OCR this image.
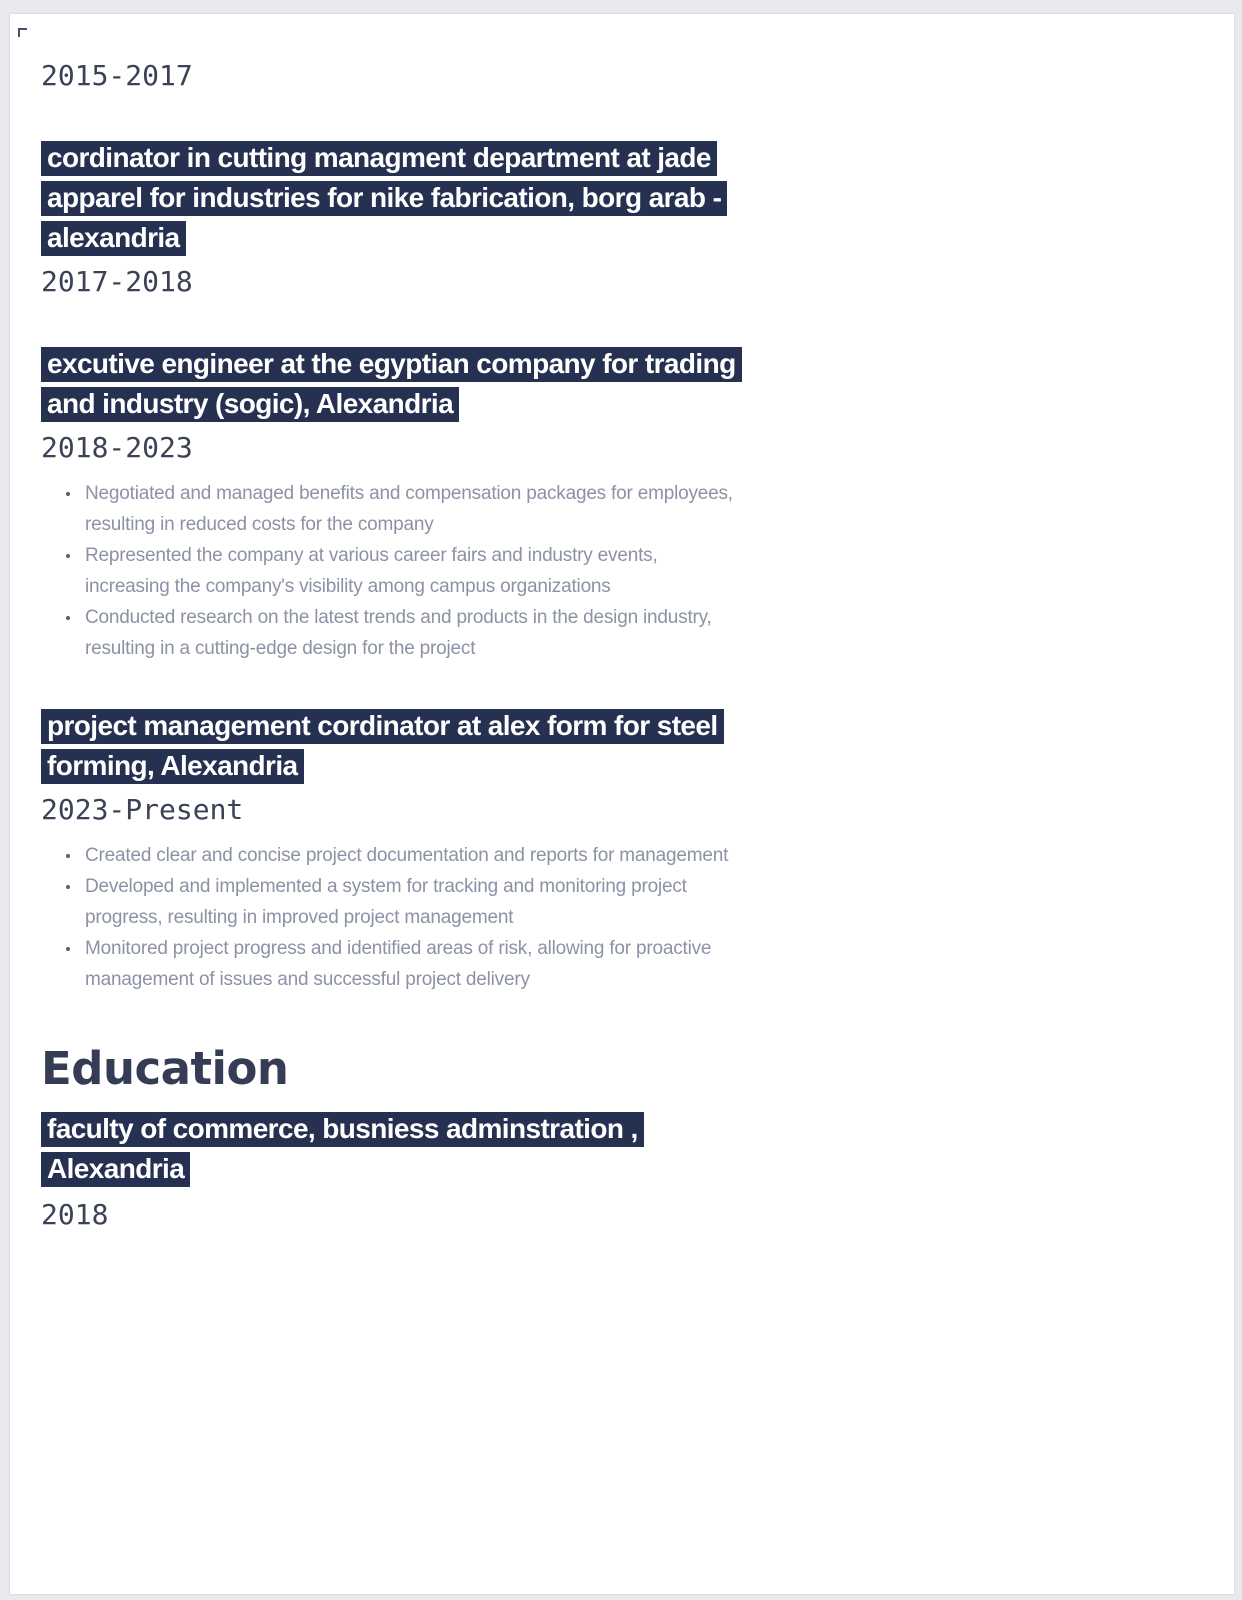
2015-2017

cordinator in cutting managment department at jade apparel for industries for nike fabrication, borg arab -alexandria

2017-2018

excutive engineer at the egyptian company for trading and industry (sogic), Alexandria

2018-2023

Negotiated and managed benefits and compensation packages for employees, resulting in reduced costs for the company
Represented the company at various career fairs and industry events, increasing the company's visibility among campus organizations
Conducted research on the latest trends and products in the design industry, resulting in a cutting-edge design for the project
project management cordinator at alex form for steel forming, Alexandria

2023-Present

Created clear and concise project documentation and reports for management
Developed and implemented a system for tracking and monitoring project progress, resulting in improved project management
Monitored project progress and identified areas of risk, allowing for proactive management of issues and successful project delivery
Education
faculty of commerce, busniess adminstration , Alexandria

2018
